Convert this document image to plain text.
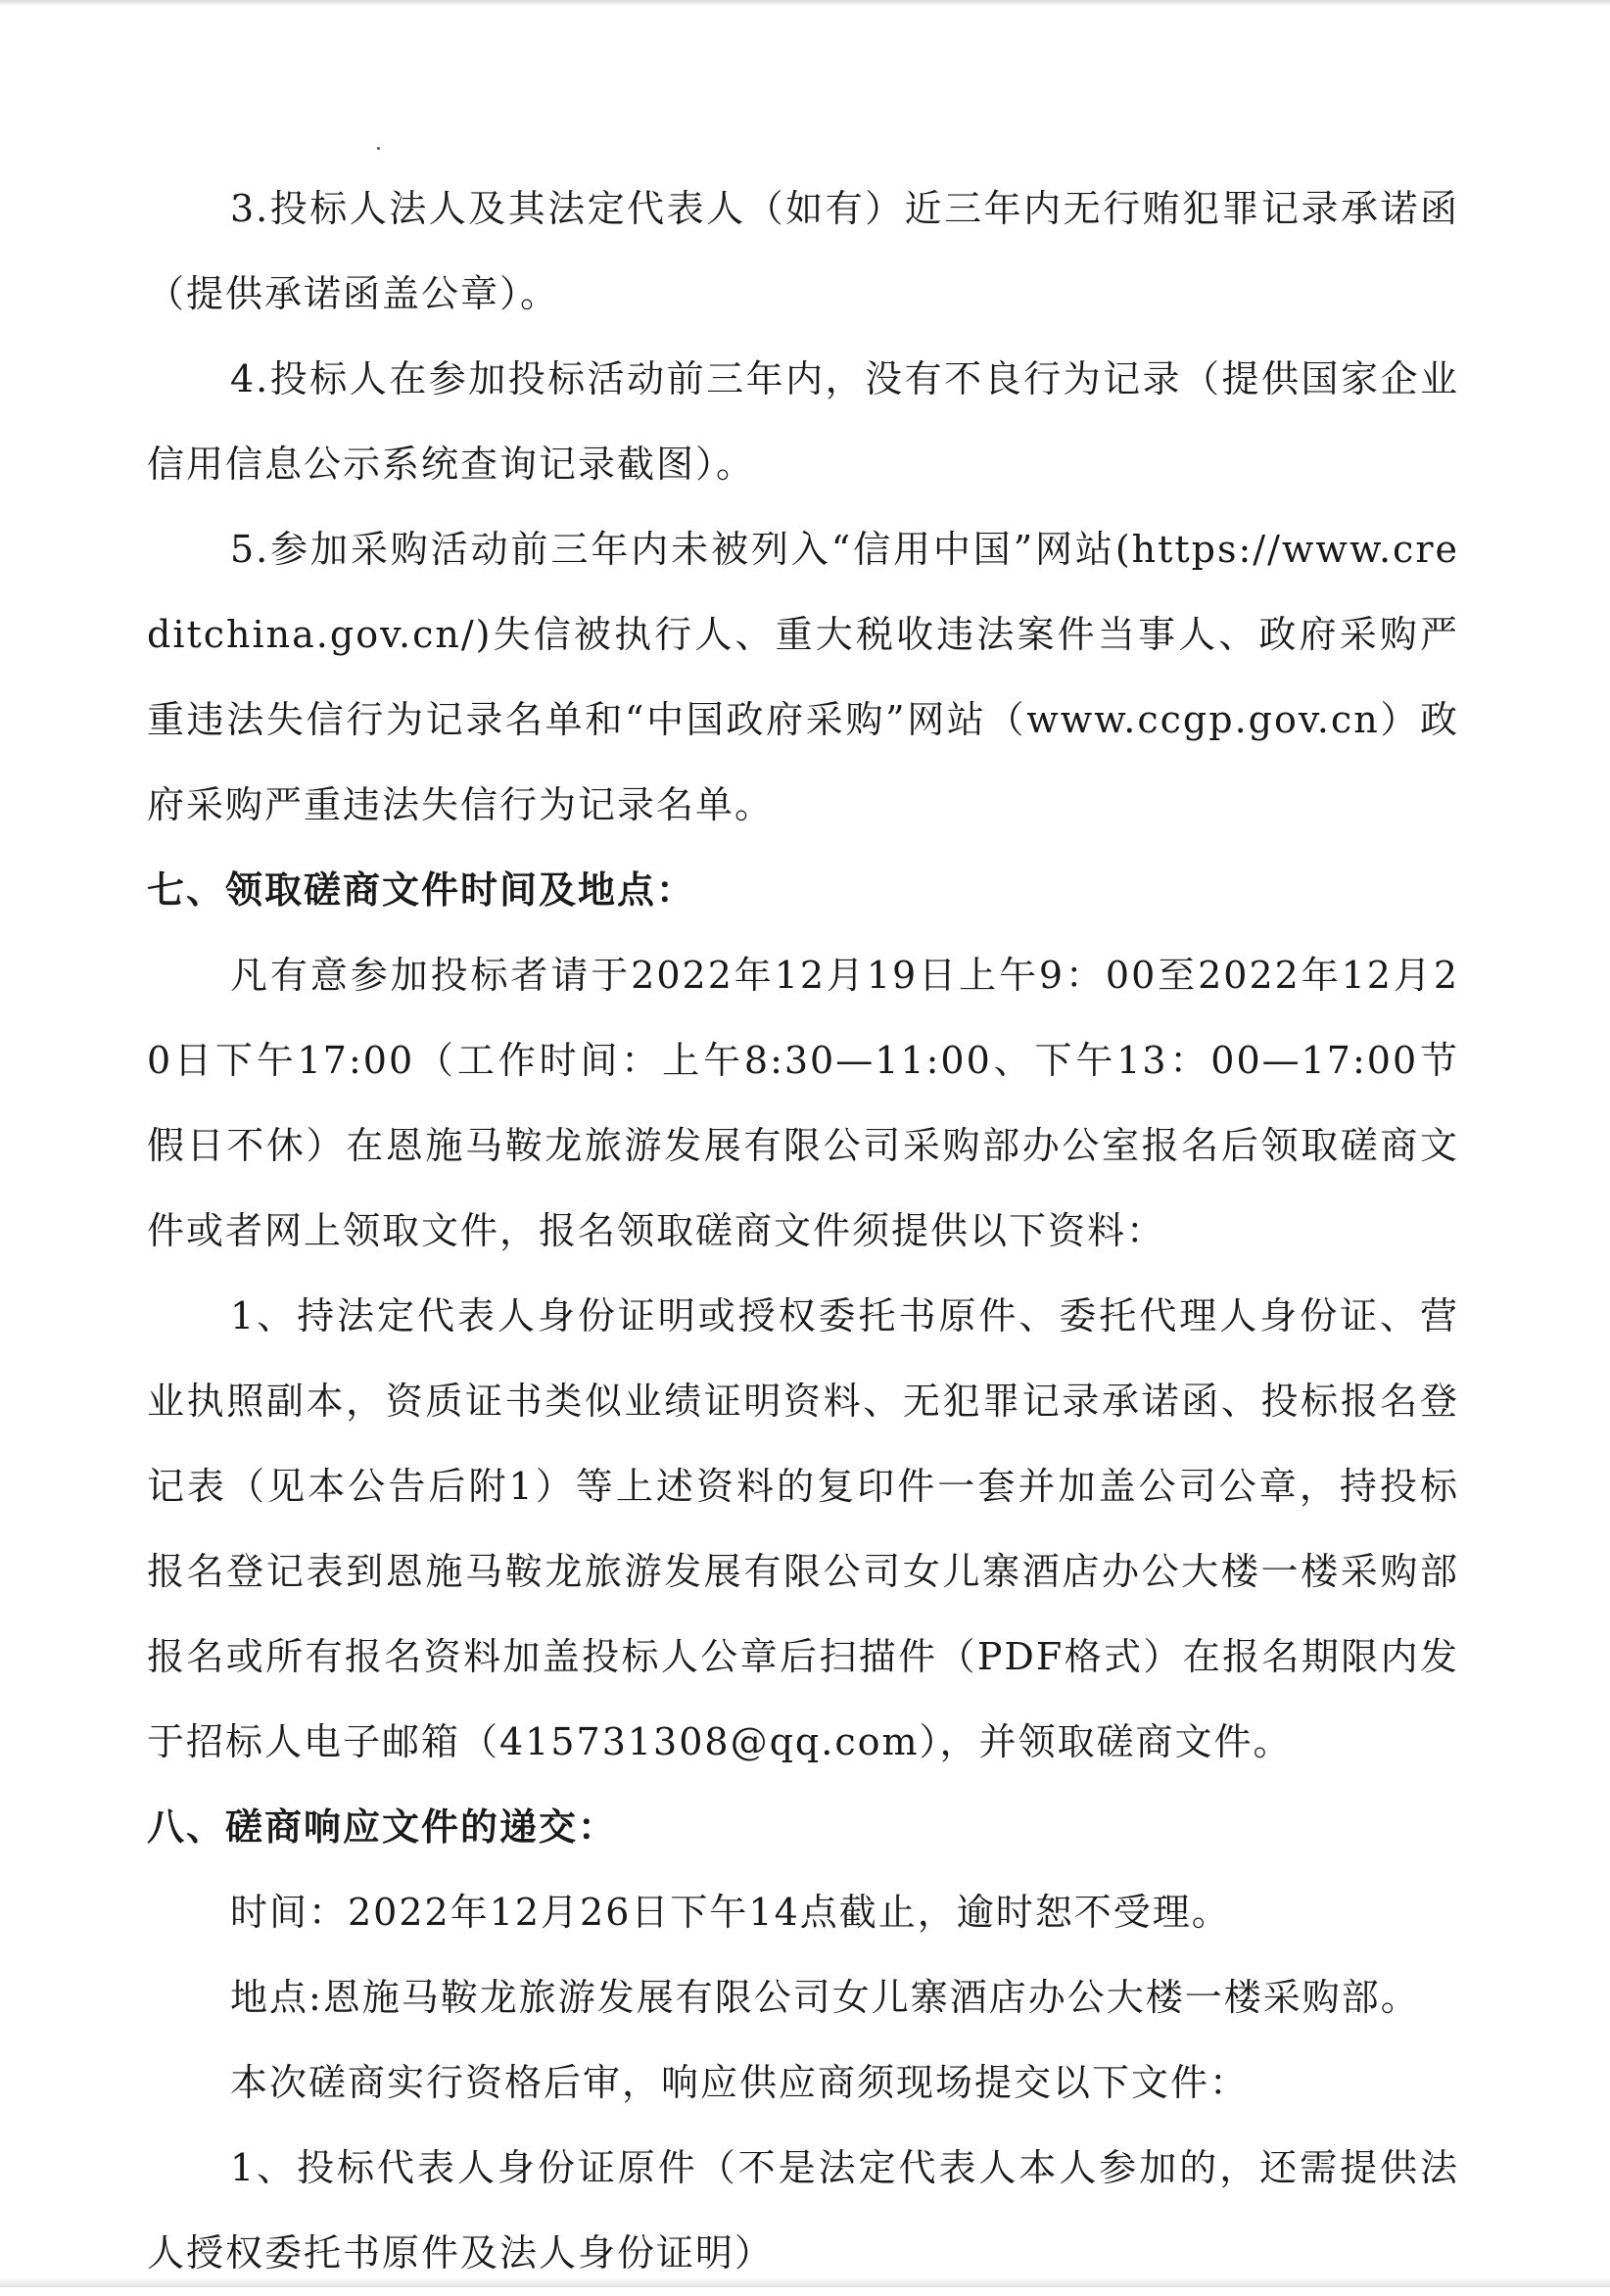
3.投标人法人及其法定代表人（如有）近三年内无行贿犯罪记录承诺函（提供承诺函盖公章）。

4.投标人在参加投标活动前三年内，没有不良行为记录（提供国家企业信用信息公示系统查询记录截图）。

5.参加采购活动前三年内未被列入“信用中国”网站(https://www.creditchina.gov.cn/)失信被执行人、重大税收违法案件当事人、政府采购严重违法失信行为记录名单和“中国政府采购”网站（www.ccgp.gov.cn）政府采购严重违法失信行为记录名单。

七、领取磋商文件时间及地点：

凡有意参加投标者请于2022年12月19日上午9：00至2022年12月20日下午17:00（工作时间：上午8:30—11:00、下午13：00—17:00节假日不休）在恩施马鞍龙旅游发展有限公司采购部办公室报名后领取磋商文件或者网上领取文件，报名领取磋商文件须提供以下资料：

1、持法定代表人身份证明或授权委托书原件、委托代理人身份证、营业执照副本，资质证书类似业绩证明资料、无犯罪记录承诺函、投标报名登记表（见本公告后附1）等上述资料的复印件一套并加盖公司公章，持投标报名登记表到恩施马鞍龙旅游发展有限公司女儿寨酒店办公大楼一楼采购部报名或所有报名资料加盖投标人公章后扫描件（PDF格式）在报名期限内发于招标人电子邮箱（415731308@qq.com），并领取磋商文件。

八、磋商响应文件的递交：

时间：2022年12月26日下午14点截止，逾时恕不受理。

地点:恩施马鞍龙旅游发展有限公司女儿寨酒店办公大楼一楼采购部。

本次磋商实行资格后审，响应供应商须现场提交以下文件：

1、投标代表人身份证原件（不是法定代表人本人参加的，还需提供法人授权委托书原件及法人身份证明）
